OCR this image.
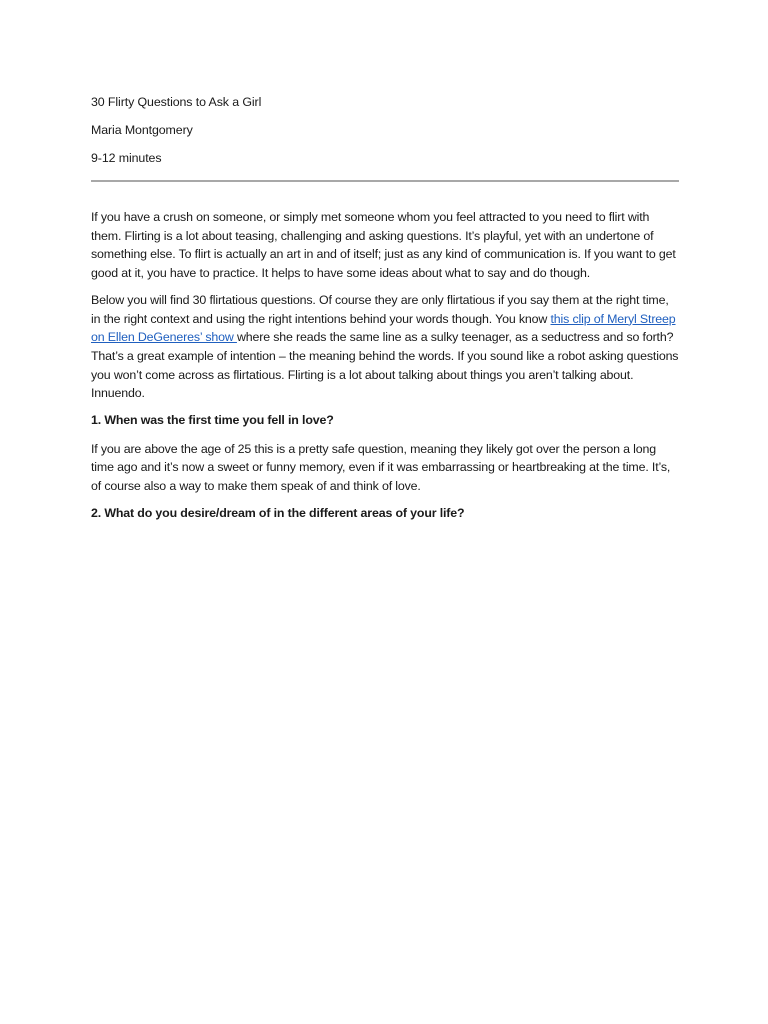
30 Flirty Questions to Ask a Girl
Maria Montgomery
9-12 minutes

If you have a crush on someone, or simply met someone whom you feel attracted to you need to flirt with them. Flirting is a lot about teasing, challenging and asking questions. It’s playful, yet with an undertone of something else. To flirt is actually an art in and of itself; just as any kind of communication is. If you want to get good at it, you have to practice. It helps to have some ideas about what to say and do though.

Below you will find 30 flirtatious questions. Of course they are only flirtatious if you say them at the right time, in the right context and using the right intentions behind your words though. You know this clip of Meryl Streep on Ellen DeGeneres’ show where she reads the same line as a sulky teenager, as a seductress and so forth? That’s a great example of intention – the meaning behind the words. If you sound like a robot asking questions you won’t come across as flirtatious. Flirting is a lot about talking about things you aren’t talking about. Innuendo.

1. When was the first time you fell in love?

If you are above the age of 25 this is a pretty safe question, meaning they likely got over the person a long time ago and it’s now a sweet or funny memory, even if it was embarrassing or heartbreaking at the time. It’s, of course also a way to make them speak of and think of love.

2. What do you desire/dream of in the different areas of your life?
